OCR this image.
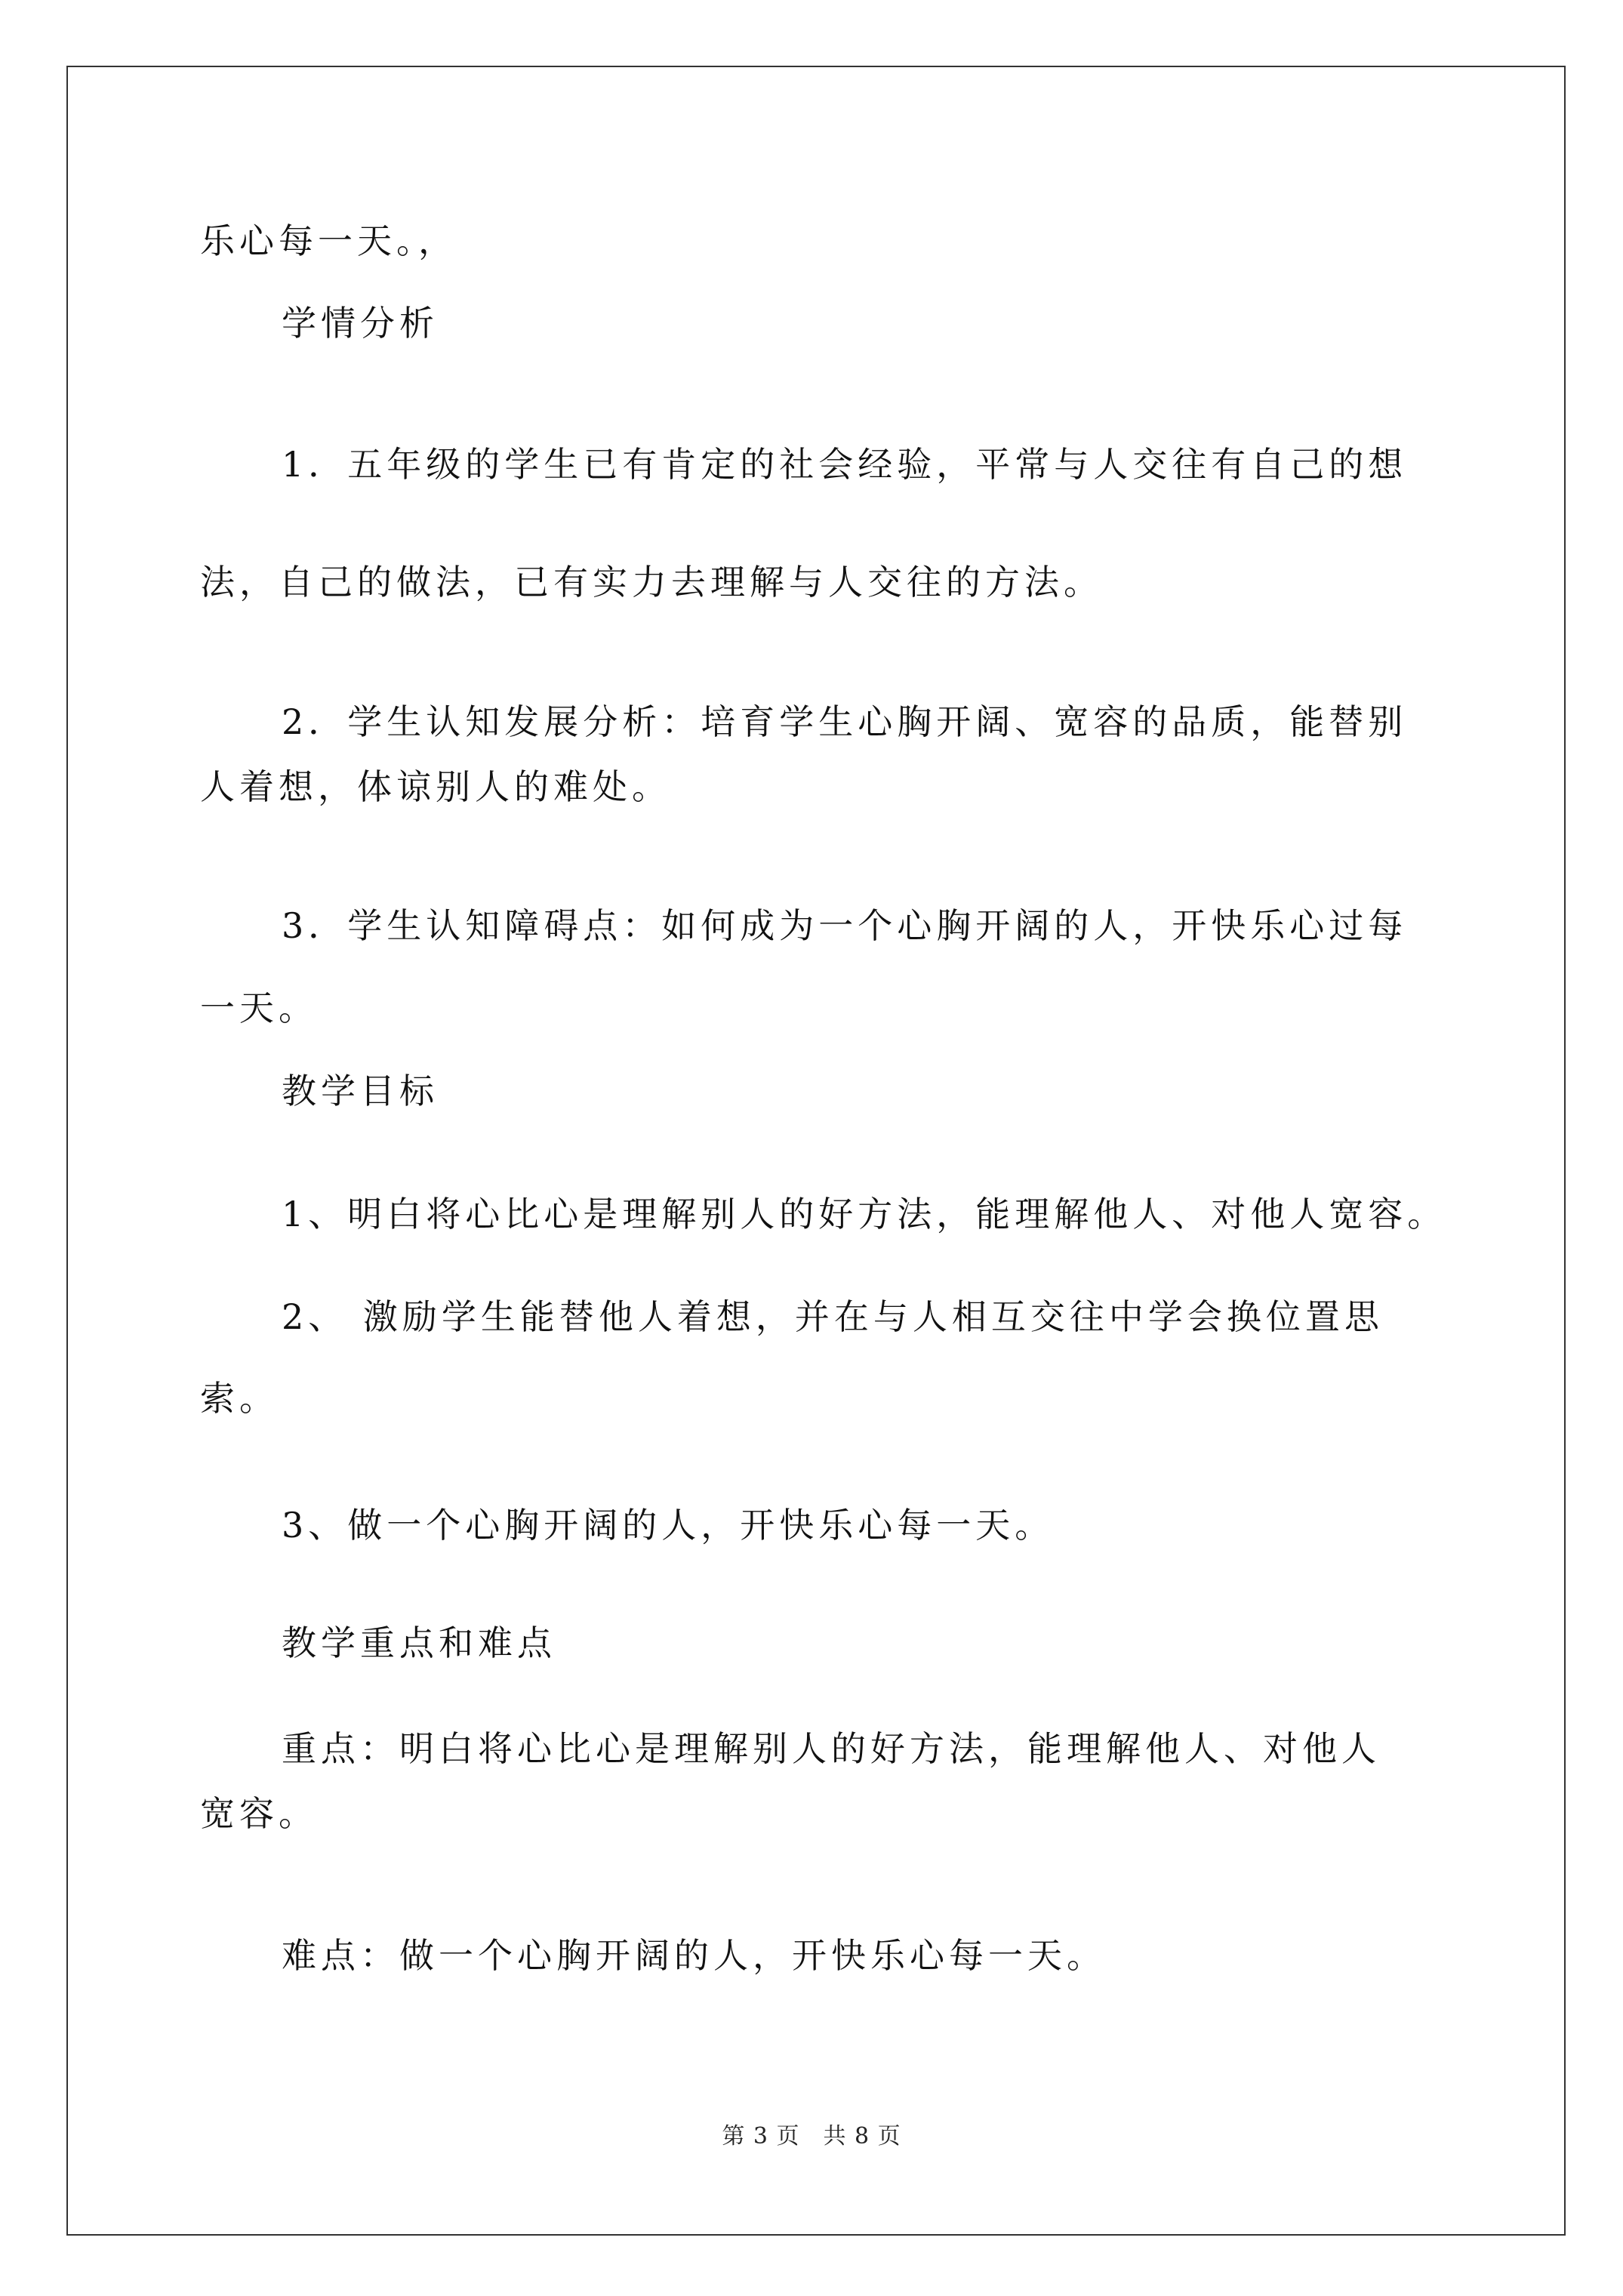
乐心每一天。，

学情分析

1．五年级的学生已有肯定的社会经验，平常与人交往有自己的想

法，自己的做法，已有实力去理解与人交往的方法。

2．学生认知发展分析：培育学生心胸开阔、宽容的品质，能替别

人着想，体谅别人的难处。

3．学生认知障碍点：如何成为一个心胸开阔的人，开快乐心过每

一天。

教学目标

1、明白将心比心是理解别人的好方法，能理解他人、对他人宽容。

2、 激励学生能替他人着想，并在与人相互交往中学会换位置思

索。

3、做一个心胸开阔的人，开快乐心每一天。

教学重点和难点

重点：明白将心比心是理解别人的好方法，能理解他人、对他人

宽容。

难点：做一个心胸开阔的人，开快乐心每一天。

第 3 页　共 8 页
